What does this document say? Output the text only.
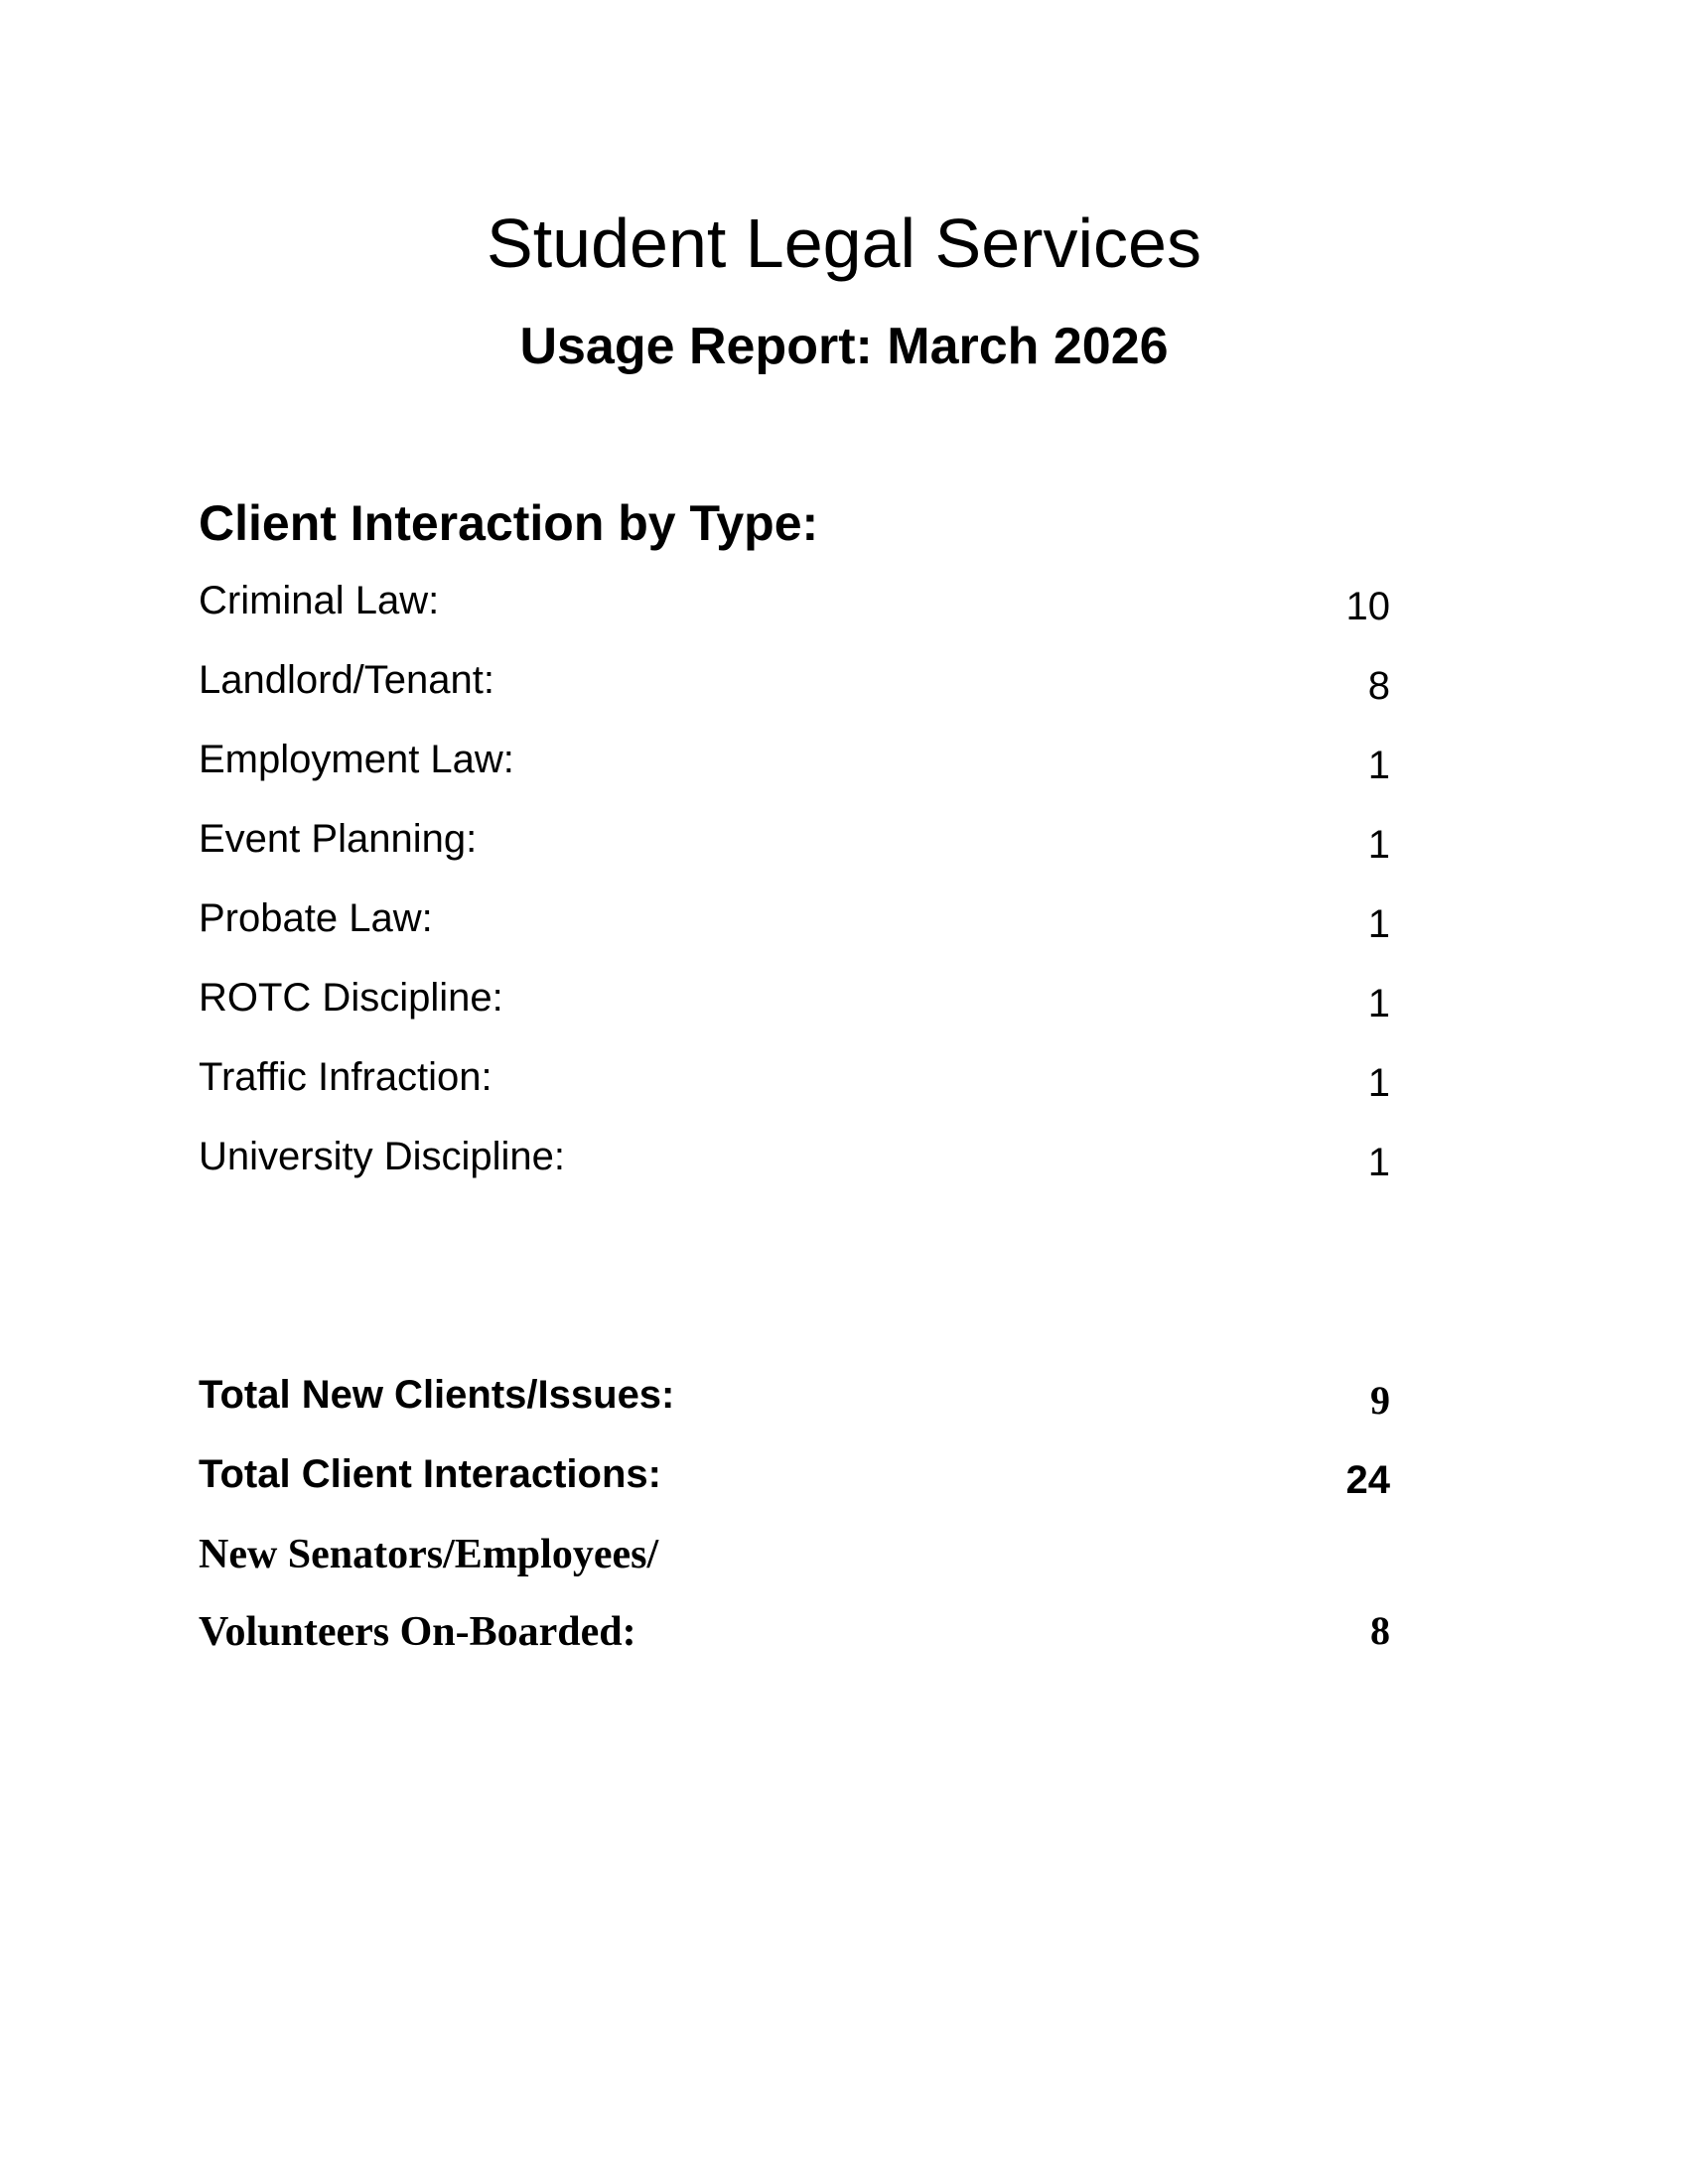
Student Legal Services
Usage Report: March 2026
Client Interaction by Type:
Criminal Law:	10
Landlord/Tenant:	8
Employment Law:	1
Event Planning:	1
Probate Law:	1
ROTC Discipline:	1
Traffic Infraction:	1
University Discipline:	1
Total New Clients/Issues:	9
Total Client Interactions:	24
New Senators/Employees/
Volunteers On-Boarded:	8
